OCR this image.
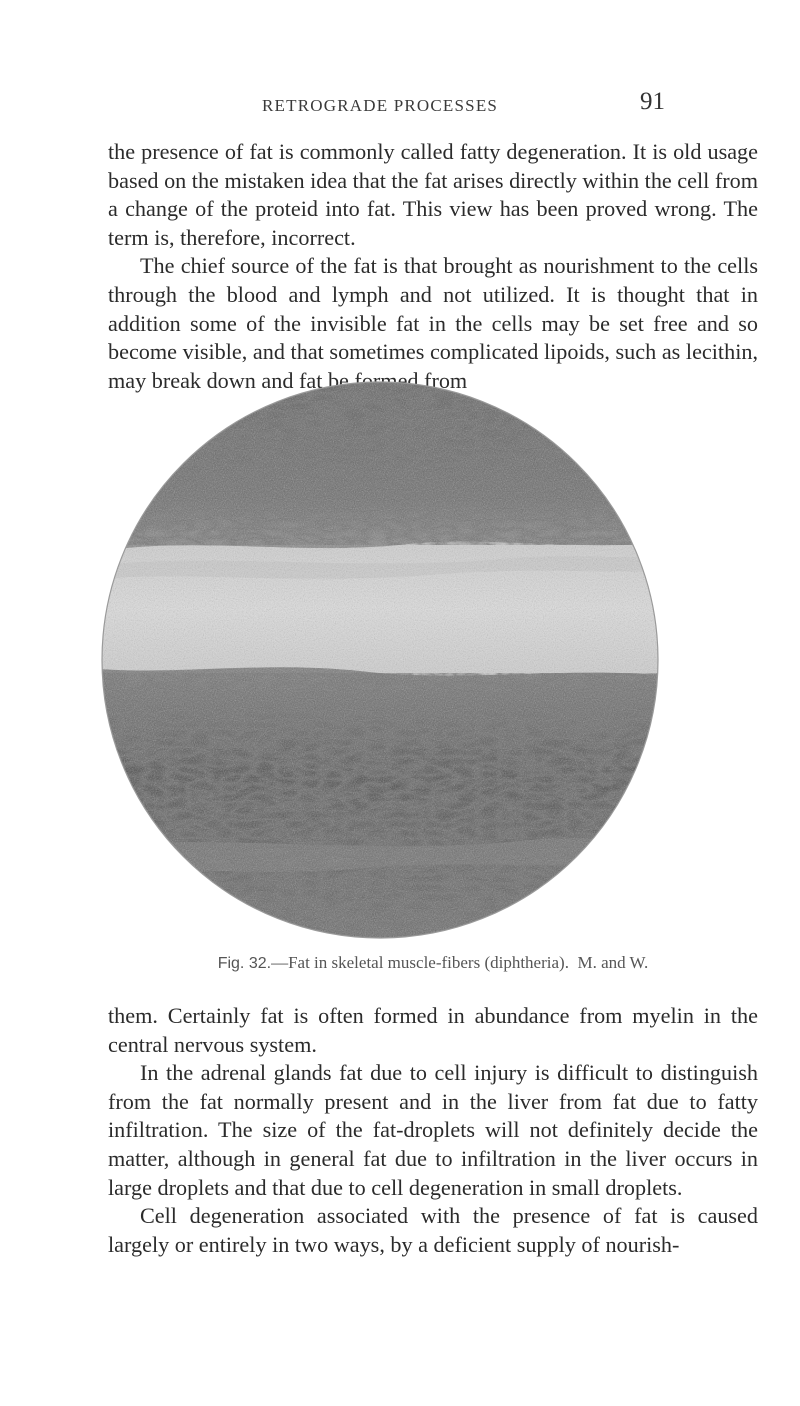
RETROGRADE PROCESSES	91

the presence of fat is commonly called fatty degeneration. It is old usage based on the mistaken idea that the fat arises directly within the cell from a change of the proteid into fat. This view has been proved wrong. The term is, therefore, incorrect.

The chief source of the fat is that brought as nourishment to the cells through the blood and lymph and not utilized. It is thought that in addition some of the invisible fat in the cells may be set free and so become visible, and that sometimes complicated lipoids, such as lecithin, may break down and fat be formed from

Fig. 32.—Fat in skeletal muscle-fibers (diphtheria). M. and W.

them. Certainly fat is often formed in abundance from myelin in the central nervous system.

In the adrenal glands fat due to cell injury is difficult to distinguish from the fat normally present and in the liver from fat due to fatty infiltration. The size of the fat-droplets will not definitely decide the matter, although in general fat due to infiltration in the liver occurs in large droplets and that due to cell degeneration in small droplets.

Cell degeneration associated with the presence of fat is caused largely or entirely in two ways, by a deficient supply of nourish-
